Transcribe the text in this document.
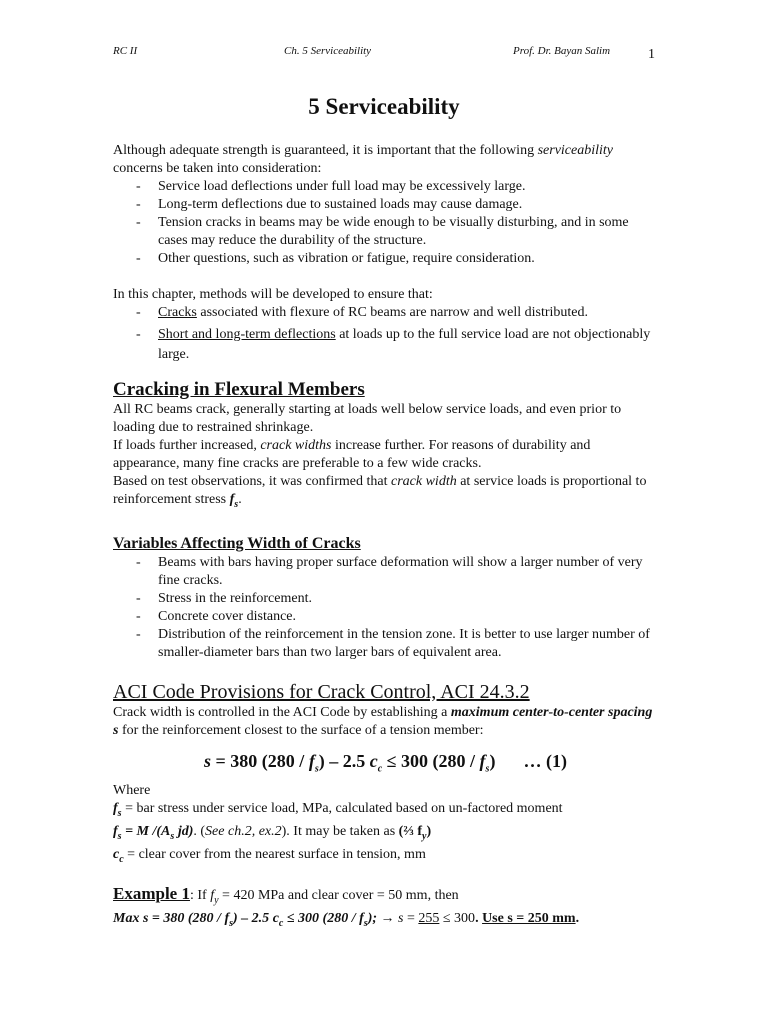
RC II	Ch. 5 Serviceability	Prof. Dr. Bayan Salim	1
5 Serviceability

Although adequate strength is guaranteed, it is important that the following serviceability concerns be taken into consideration:

- Service load deflections under full load may be excessively large.
- Long-term deflections due to sustained loads may cause damage.
- Tension cracks in beams may be wide enough to be visually disturbing, and in some cases may reduce the durability of the structure.
- Other questions, such as vibration or fatigue, require consideration.

In this chapter, methods will be developed to ensure that:

- Cracks associated with flexure of RC beams are narrow and well distributed.
- Short and long-term deflections at loads up to the full service load are not objectionably large.
Cracking in Flexural Members

All RC beams crack, generally starting at loads well below service loads, and even prior to loading due to restrained shrinkage.

If loads further increased, crack widths increase further. For reasons of durability and appearance, many fine cracks are preferable to a few wide cracks.

Based on test observations, it was confirmed that crack width at service loads is proportional to reinforcement stress $f_s$.

Variables Affecting Width of Cracks
- Beams with bars having proper surface deformation will show a larger number of very fine cracks.
- Stress in the reinforcement.
- Concrete cover distance.
- Distribution of the reinforcement in the tension zone. It is better to use larger number of smaller-diameter bars than two larger bars of equivalent area.
ACI Code Provisions for Crack Control, ACI 24.3.2

Crack width is controlled in the ACI Code by establishing a maximum center-to-center spacing s for the reinforcement closest to the surface of a tension member:

s = 380 $(280 / f_s) - 2.5$ $c_c \le 300$ $(280 / f_s)$ … (1)

Where

$f_s$ = bar stress under service load, MPa, calculated based on un-factored moment

$f_s = M$ $/(A_s$ jd). (See ch.2, ex.2). It may be taken as (⅔ $f_y$)

$c_c$ = clear cover from the nearest surface in tension, mm

Example 1: If $f_y = 420$ MPa and clear cover = 50 mm, then

Max s = 380 $(280 / f_s) - 2.5$ $c_c \le 300$ $(280 / f_s)$; → s = 255 ≤ 300. Use s = 250 mm.
